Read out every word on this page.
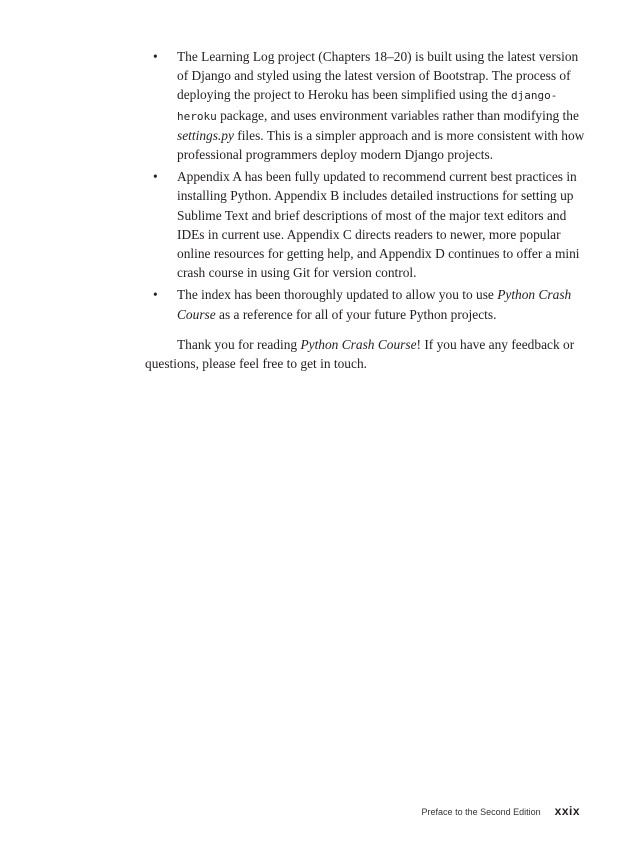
• The Learning Log project (Chapters 18–20) is built using the latest version of Django and styled using the latest version of Bootstrap. The process of deploying the project to Heroku has been simplified using the django-heroku package, and uses environment variables rather than modifying the settings.py files. This is a simpler approach and is more consistent with how professional programmers deploy modern Django projects.
• Appendix A has been fully updated to recommend current best practices in installing Python. Appendix B includes detailed instructions for setting up Sublime Text and brief descriptions of most of the major text editors and IDEs in current use. Appendix C directs readers to newer, more popular online resources for getting help, and Appendix D continues to offer a mini crash course in using Git for version control.
• The index has been thoroughly updated to allow you to use Python Crash Course as a reference for all of your future Python projects.

Thank you for reading Python Crash Course! If you have any feedback or questions, please feel free to get in touch.

Preface to the Second Edition xxix
